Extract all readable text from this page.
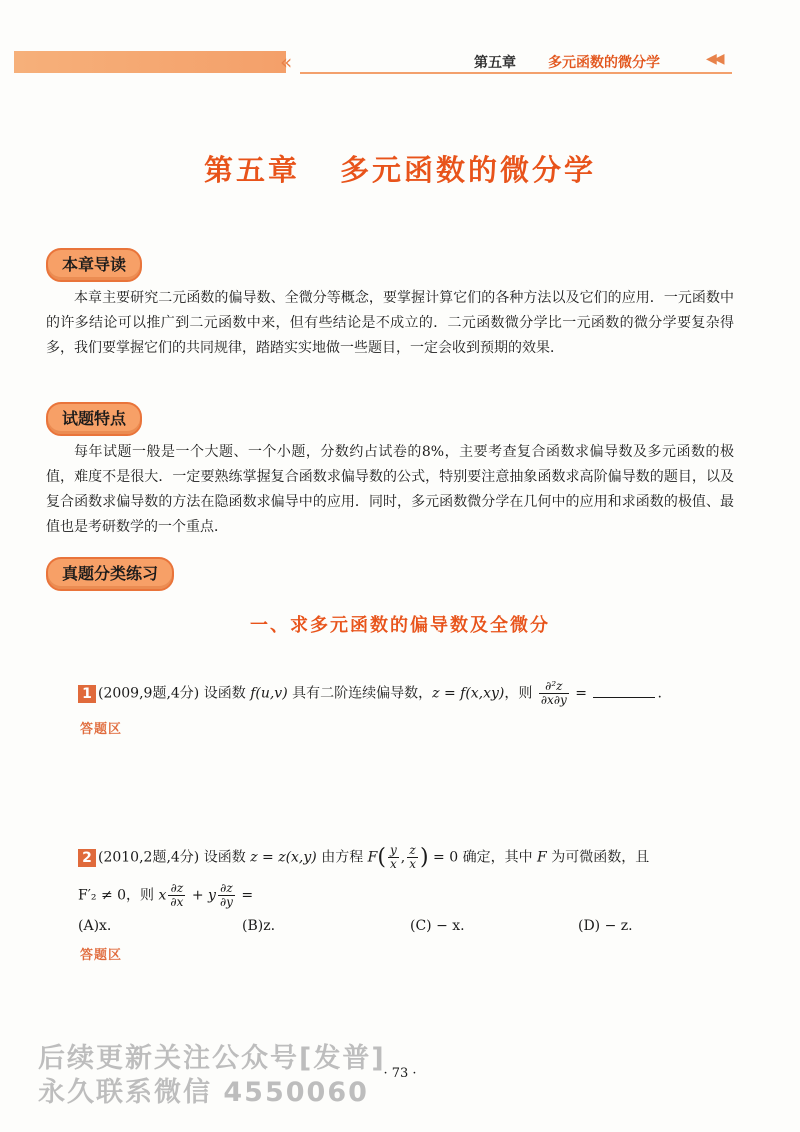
«	第五章 多元函数的微分学	◀◀
第五章 多元函数的微分学
本章导读
本章主要研究二元函数的偏导数、全微分等概念，要掌握计算它们的各种方法以及它们的应用．一元函数中的许多结论可以推广到二元函数中来，但有些结论是不成立的．二元函数微分学比一元函数的微分学要复杂得多，我们要掌握它们的共同规律，踏踏实实地做一些题目，一定会收到预期的效果．
试题特点
每年试题一般是一个大题、一个小题，分数约占试卷的8%，主要考查复合函数求偏导数及多元函数的极值，难度不是很大．一定要熟练掌握复合函数求偏导数的公式，特别要注意抽象函数求高阶偏导数的题目，以及复合函数求偏导数的方法在隐函数求偏导中的应用．同时，多元函数微分学在几何中的应用和求函数的极值、最值也是考研数学的一个重点．
真题分类练习
一、求多元函数的偏导数及全微分
1 (2009,9题,4分) 设函数 f(u,v) 具有二阶连续偏导数，z = f(x,xy)，则 $\frac{\text{∂²z}}{\partial x\partial y}$ =	.
答题区
2 (2010,2题,4分) 设函数 z = z(x,y) 由方程 $F( \frac{y}{x}$ , $\frac{z}{x}$ ) = 0 确定，其中 F 为可微函数，且
F′₂ ≠ 0，则 x $\frac{\partial z}{\partial x} + y \frac{\partial z}{\partial y}$ =
(A)x.	(B)z.	(C) − x.	(D) − z.
答题区
· 73 ·
后续更新关注公众号[发普]
永久联系微信 4550060
